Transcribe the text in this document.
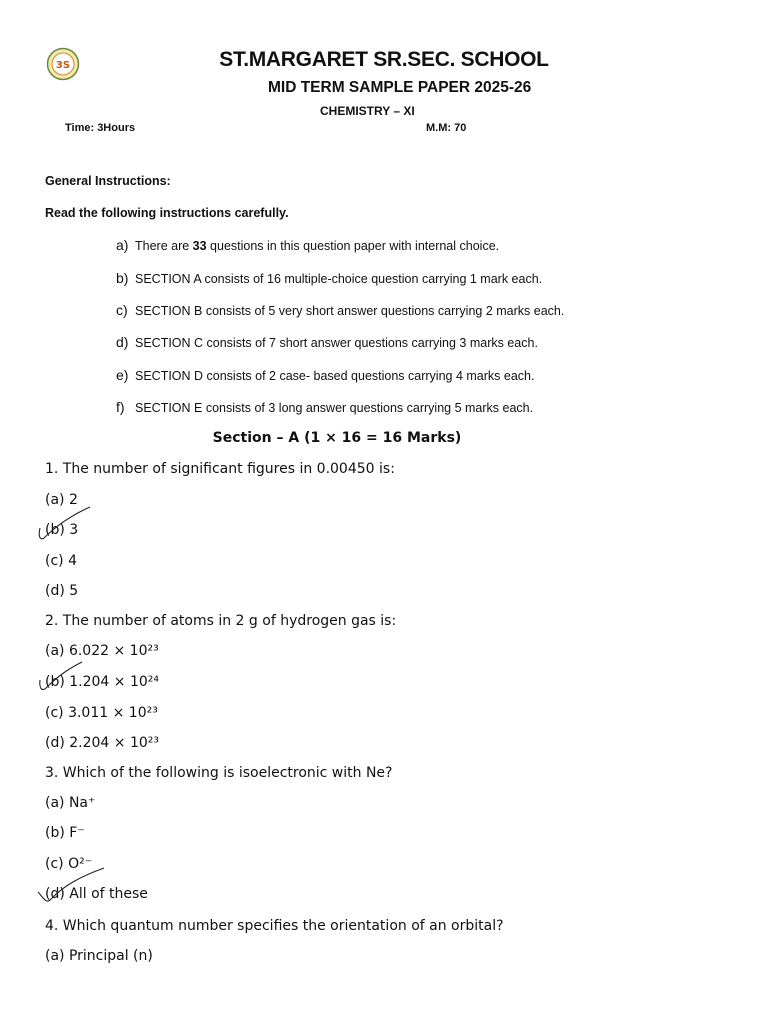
3S	ST.MARGARET SR.SEC. SCHOOL
MID TERM SAMPLE PAPER 2025-26
CHEMISTRY – XI
Time: 3Hours	M.M: 70
General Instructions:
Read the following instructions carefully.
a) There are 33 questions in this question paper with internal choice.
b) SECTION A consists of 16 multiple-choice question carrying 1 mark each.
c) SECTION B consists of 5 very short answer questions carrying 2 marks each.
d) SECTION C consists of 7 short answer questions carrying 3 marks each.
e) SECTION D consists of 2 case- based questions carrying 4 marks each.
f) SECTION E consists of 3 long answer questions carrying 5 marks each.
Section – A (1 × 16 = 16 Marks)
1. The number of significant figures in 0.00450 is:
(a) 2
(b) 3
(c) 4
(d) 5
2. The number of atoms in 2 g of hydrogen gas is:
(a) 6.022 × 10²³
(b) 1.204 × 10²⁴
(c) 3.011 × 10²³
(d) 2.204 × 10²³
3. Which of the following is isoelectronic with Ne?
(a) Na⁺
(b) F⁻
(c) O²⁻
(d) All of these
4. Which quantum number specifies the orientation of an orbital?
(a) Principal (n)
